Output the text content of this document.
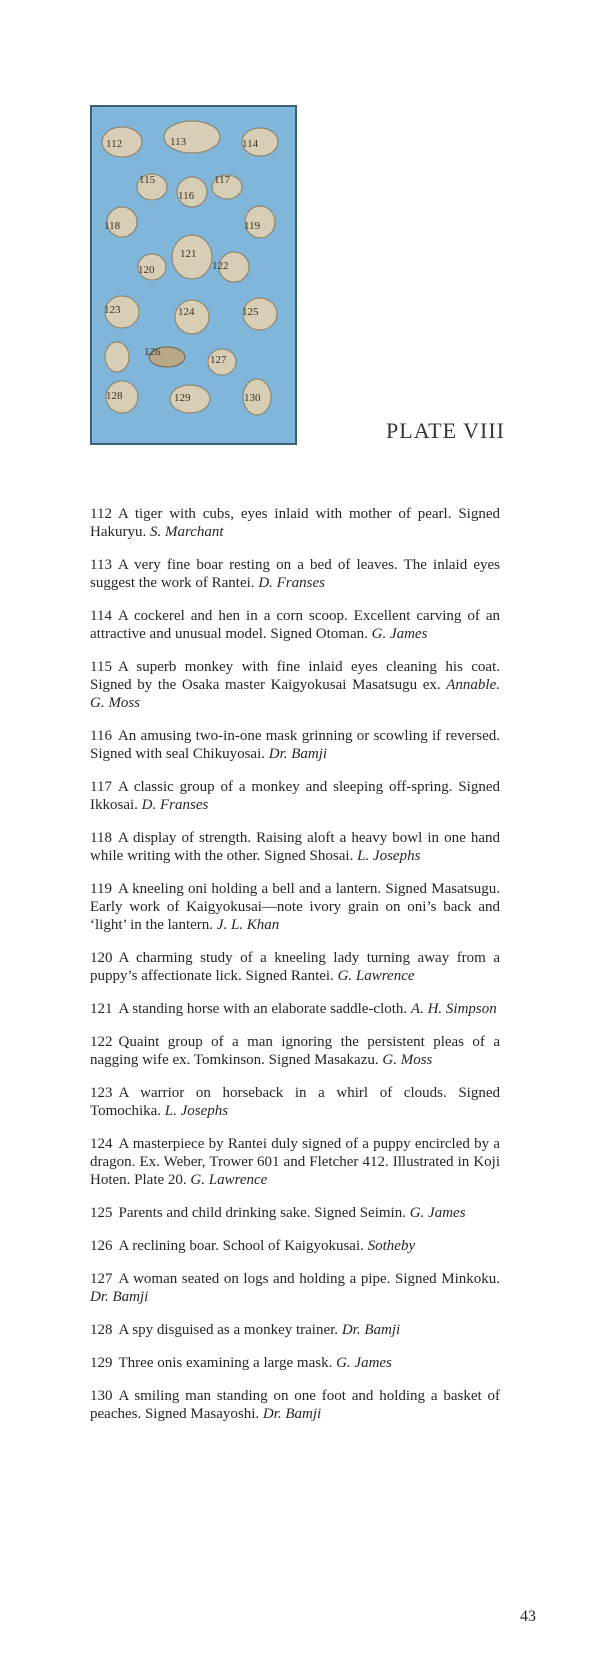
112	113	114
115
116
117
118	119
121
120	122
123	124	125
126
127
128	129	130
PLATE VIII

112 A tiger with cubs, eyes inlaid with mother of pearl. Signed Hakuryu. S. Marchant

113 A very fine boar resting on a bed of leaves. The inlaid eyes suggest the work of Rantei. D. Franses

114 A cockerel and hen in a corn scoop. Excellent carving of an attractive and unusual model. Signed Otoman. G. James

115 A superb monkey with fine inlaid eyes cleaning his coat. Signed by the Osaka master Kaigyokusai Masatsugu ex. Annable. G. Moss

116 An amusing two-in-one mask grinning or scowling if reversed. Signed with seal Chikuyosai. Dr. Bamji

117 A classic group of a monkey and sleeping off-spring. Signed Ikkosai. D. Franses

118 A display of strength. Raising aloft a heavy bowl in one hand while writing with the other. Signed Shosai. L. Josephs

119 A kneeling oni holding a bell and a lantern. Signed Masatsugu. Early work of Kaigyokusai—note ivory grain on oni’s back and ‘light’ in the lantern. J. L. Khan

120 A charming study of a kneeling lady turning away from a puppy’s affectionate lick. Signed Rantei. G. Lawrence

121 A standing horse with an elaborate saddle-cloth. A. H. Simpson

122 Quaint group of a man ignoring the persistent pleas of a nagging wife ex. Tomkinson. Signed Masakazu. G. Moss

123 A warrior on horseback in a whirl of clouds. Signed Tomochika. L. Josephs

124 A masterpiece by Rantei duly signed of a puppy encircled by a dragon. Ex. Weber, Trower 601 and Fletcher 412. Illustrated in Koji Hoten. Plate 20. G. Lawrence

125 Parents and child drinking sake. Signed Seimin. G. James

126 A reclining boar. School of Kaigyokusai. Sotheby

127 A woman seated on logs and holding a pipe. Signed Minkoku. Dr. Bamji

128 A spy disguised as a monkey trainer. Dr. Bamji

129 Three onis examining a large mask. G. James

130 A smiling man standing on one foot and holding a basket of peaches. Signed Masayoshi. Dr. Bamji

43
